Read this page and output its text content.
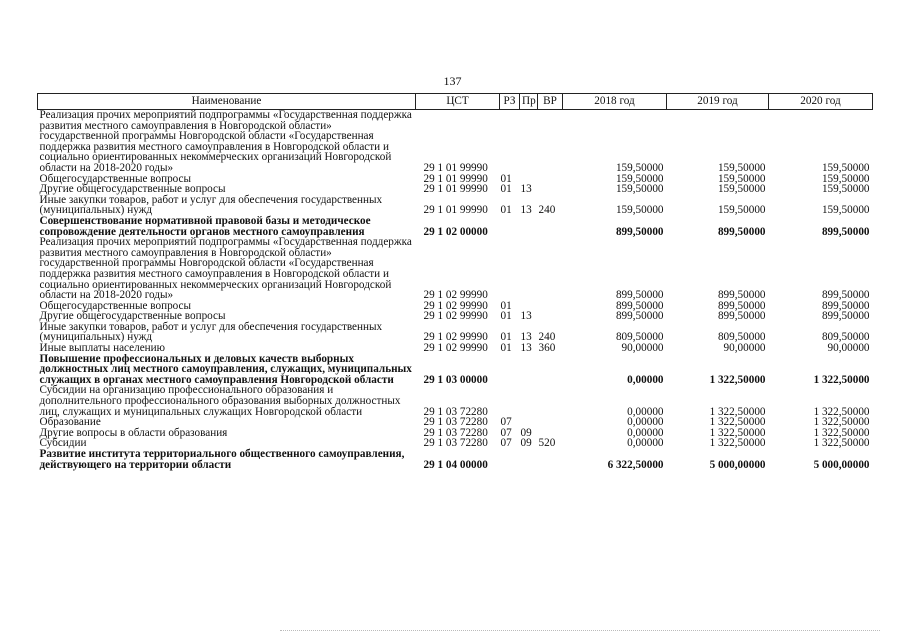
137
Наименование	ЦСТ	РЗ	Пр	ВР	2018 год	2019 год	2020 год
Реализация прочих мероприятий подпрограммы «Государственная поддержка развития местного самоуправления в Новгородской области» государственной программы Новгородской области «Государственная поддержка развития местного самоуправления в Новгородской области и социально ориентированных некоммерческих организаций Новгородской области на 2018-2020 годы»	29 1 01 99990				159,50000	159,50000	159,50000
Общегосударственные вопросы	29 1 01 99990	01			159,50000	159,50000	159,50000
Другие общегосударственные вопросы	29 1 01 99990	01	13		159,50000	159,50000	159,50000
Иные закупки товаров, работ и услуг для обеспечения государственных (муниципальных) нужд	29 1 01 99990	01	13	240	159,50000	159,50000	159,50000
Совершенствование нормативной правовой базы и методическое сопровождение деятельности органов местного самоуправления	29 1 02 00000				899,50000	899,50000	899,50000
Реализация прочих мероприятий подпрограммы «Государственная поддержка развития местного самоуправления в Новгородской области» государственной программы Новгородской области «Государственная поддержка развития местного самоуправления в Новгородской области и социально ориентированных некоммерческих организаций Новгородской области на 2018-2020 годы»	29 1 02 99990				899,50000	899,50000	899,50000
Общегосударственные вопросы	29 1 02 99990	01			899,50000	899,50000	899,50000
Другие общегосударственные вопросы	29 1 02 99990	01	13		899,50000	899,50000	899,50000
Иные закупки товаров, работ и услуг для обеспечения государственных (муниципальных) нужд	29 1 02 99990	01	13	240	809,50000	809,50000	809,50000
Иные выплаты населению	29 1 02 99990	01	13	360	90,00000	90,00000	90,00000
Повышение профессиональных и деловых качеств выборных должностных лиц местного самоуправления, служащих, муниципальных служащих в органах местного самоуправления Новгородской области	29 1 03 00000				0,00000	1 322,50000	1 322,50000
Субсидии на организацию профессионального образования и дополнительного профессионального образования выборных должностных лиц, служащих и муниципальных служащих Новгородской области	29 1 03 72280				0,00000	1 322,50000	1 322,50000
Образование	29 1 03 72280	07			0,00000	1 322,50000	1 322,50000
Другие вопросы в области образования	29 1 03 72280	07	09		0,00000	1 322,50000	1 322,50000
Субсидии	29 1 03 72280	07	09	520	0,00000	1 322,50000	1 322,50000
Развитие института территориального общественного самоуправления, действующего на территории области	29 1 04 00000				6 322,50000	5 000,00000	5 000,00000
